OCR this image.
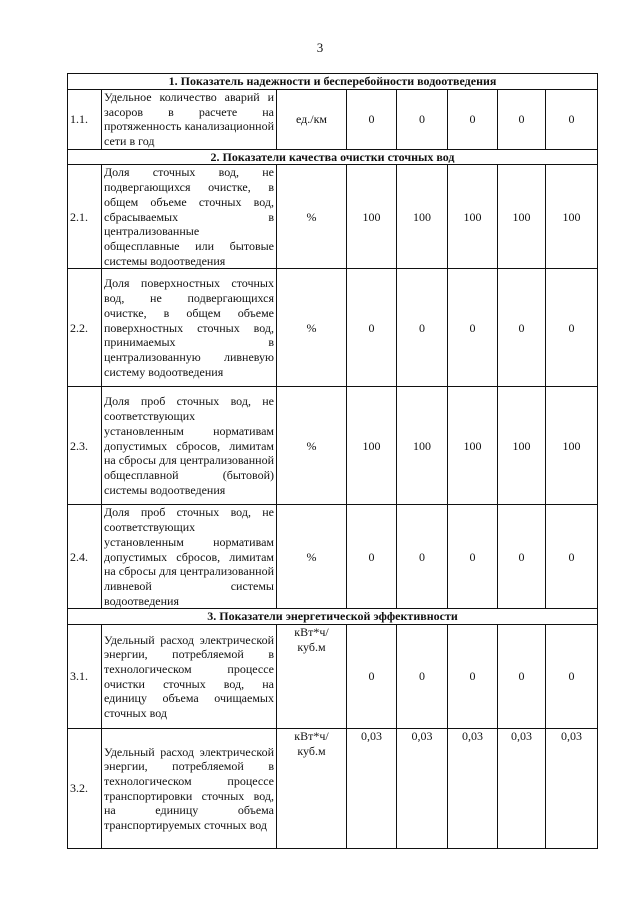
3
1. Показатель надежности и бесперебойности водоотведения							
1.1.	Удельное количество аварий и засоров в расчете на протяженность канализационной сети в год	ед./км	0	0	0	0	0
2. Показатели качества очистки сточных вод							
2.1.	Доля сточных вод, не подвергающихся очистке, в общем объеме сточных вод, сбрасываемых в централизованные общесплавные или бытовые системы водоотведения	%	100	100	100	100	100
2.2.	Доля поверхностных сточных вод, не подвергающихся очистке, в общем объеме поверхностных сточных вод, принимаемых в централизованную ливневую систему водоотведения	%	0	0	0	0	0
2.3.	Доля проб сточных вод, не соответствующих установленным нормативам допустимых сбросов, лимитам на сбросы для централизованной общесплавной (бытовой) системы водоотведения	%	100	100	100	100	100
2.4.	Доля проб сточных вод, не соответствующих установленным нормативам допустимых сбросов, лимитам на сбросы для централизованной ливневой системы водоотведения	%	0	0	0	0	0
3. Показатели энергетической эффективности							
3.1.	Удельный расход электрической энергии, потребляемой в технологическом процессе очистки сточных вод, на единицу объема очищаемых сточных вод	кВт*ч/ куб.м	0	0	0	0	0
3.2.	Удельный расход электрической энергии, потребляемой в технологическом процессе транспортировки сточных вод, на единицу объема транспортируемых сточных вод	кВт*ч/ куб.м	0,03	0,03	0,03	0,03	0,03
